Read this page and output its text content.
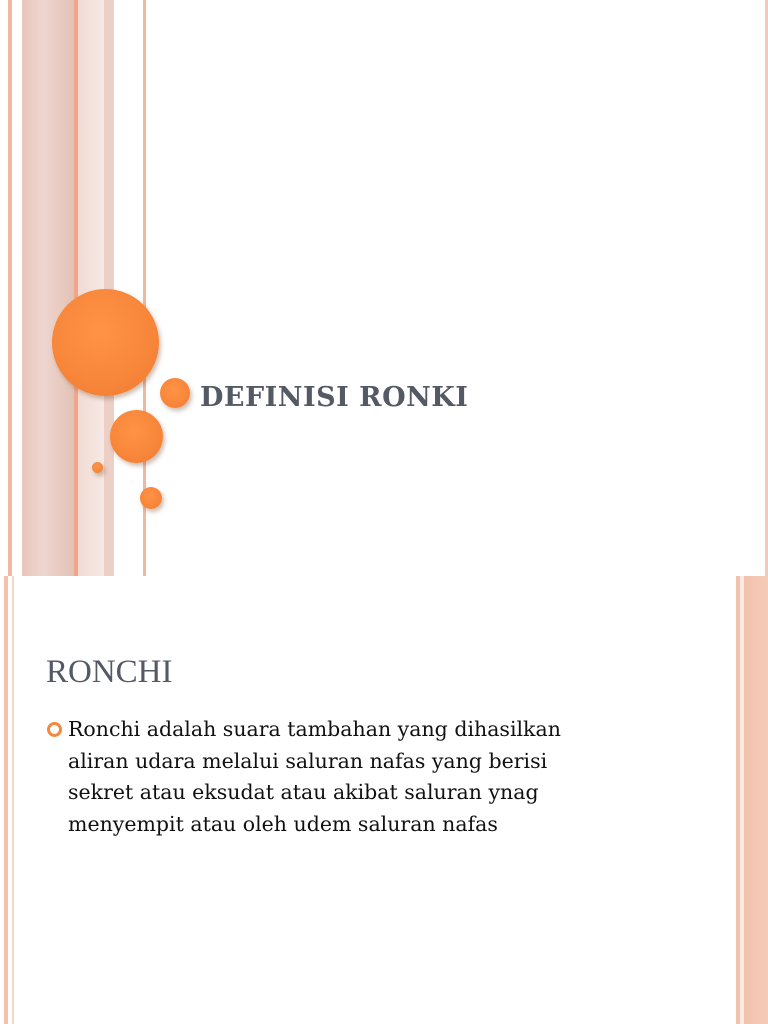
DEFINISI RONKI
RONCHI
Ronchi adalah suara tambahan yang dihasilkan
aliran udara melalui saluran nafas yang berisi
sekret atau eksudat atau akibat saluran ynag
menyempit atau oleh udem saluran nafas
